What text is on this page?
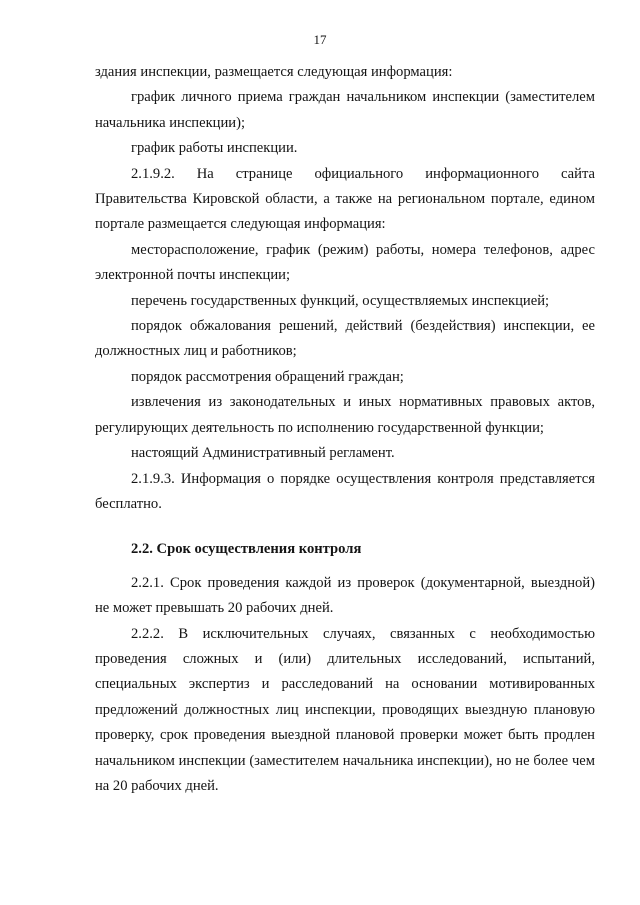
17

здания инспекции, размещается следующая информация:

график личного приема граждан начальником инспекции (заместителем начальника инспекции);

график работы инспекции.

2.1.9.2. На странице официального информационного сайта Правительства Кировской области, а также на региональном портале, едином портале размещается следующая информация:

месторасположение, график (режим) работы, номера телефонов, адрес электронной почты инспекции;

перечень государственных функций, осуществляемых инспекцией;

порядок обжалования решений, действий (бездействия) инспекции, ее должностных лиц и работников;

порядок рассмотрения обращений граждан;

извлечения из законодательных и иных нормативных правовых актов, регулирующих деятельность по исполнению государственной функции;

настоящий Административный регламент.

2.1.9.3. Информация о порядке осуществления контроля представляется бесплатно.

2.2. Срок осуществления контроля

2.2.1. Срок проведения каждой из проверок (документарной, выездной) не может превышать 20 рабочих дней.

2.2.2. В исключительных случаях, связанных с необходимостью проведения сложных и (или) длительных исследований, испытаний, специальных экспертиз и расследований на основании мотивированных предложений должностных лиц инспекции, проводящих выездную плановую проверку, срок проведения выездной плановой проверки может быть продлен начальником инспекции (заместителем начальника инспекции), но не более чем на 20 рабочих дней.
